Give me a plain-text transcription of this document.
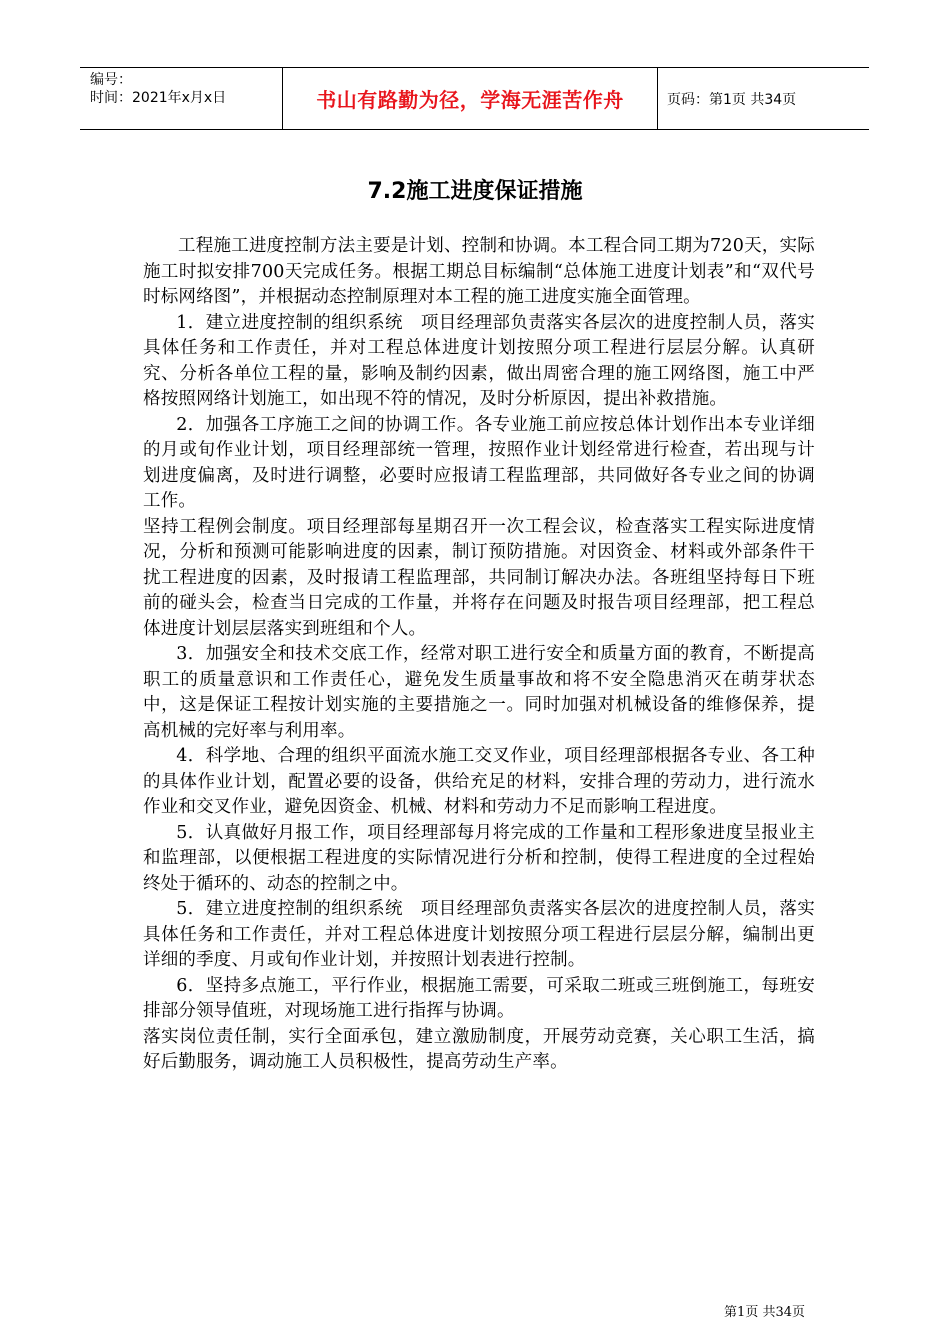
编号：
时间：2021年x月x日	书山有路勤为径，学海无涯苦作舟	页码：第1页 共34页
7.2施工进度保证措施

工程施工进度控制方法主要是计划、控制和协调。本工程合同工期为720天，实际施工时拟安排700天完成任务。根据工期总目标编制“总体施工进度计划表”和“双代号时标网络图”，并根据动态控制原理对本工程的施工进度实施全面管理。

1．建立进度控制的组织系统　项目经理部负责落实各层次的进度控制人员，落实具体任务和工作责任，并对工程总体进度计划按照分项工程进行层层分解。认真研究、分析各单位工程的量，影响及制约因素，做出周密合理的施工网络图，施工中严格按照网络计划施工，如出现不符的情况，及时分析原因，提出补救措施。

2．加强各工序施工之间的协调工作。各专业施工前应按总体计划作出本专业详细的月或旬作业计划，项目经理部统一管理，按照作业计划经常进行检查，若出现与计划进度偏离，及时进行调整，必要时应报请工程监理部，共同做好各专业之间的协调工作。

坚持工程例会制度。项目经理部每星期召开一次工程会议，检查落实工程实际进度情况，分析和预测可能影响进度的因素，制订预防措施。对因资金、材料或外部条件干扰工程进度的因素，及时报请工程监理部，共同制订解决办法。各班组坚持每日下班前的碰头会，检查当日完成的工作量，并将存在问题及时报告项目经理部，把工程总体进度计划层层落实到班组和个人。

3．加强安全和技术交底工作，经常对职工进行安全和质量方面的教育，不断提高职工的质量意识和工作责任心，避免发生质量事故和将不安全隐患消灭在萌芽状态中，这是保证工程按计划实施的主要措施之一。同时加强对机械设备的维修保养，提高机械的完好率与利用率。

4．科学地、合理的组织平面流水施工交叉作业，项目经理部根据各专业、各工种的具体作业计划，配置必要的设备，供给充足的材料，安排合理的劳动力，进行流水作业和交叉作业，避免因资金、机械、材料和劳动力不足而影响工程进度。

5．认真做好月报工作，项目经理部每月将完成的工作量和工程形象进度呈报业主和监理部，以便根据工程进度的实际情况进行分析和控制，使得工程进度的全过程始终处于循环的、动态的控制之中。

5．建立进度控制的组织系统　项目经理部负责落实各层次的进度控制人员，落实具体任务和工作责任，并对工程总体进度计划按照分项工程进行层层分解，编制出更详细的季度、月或旬作业计划，并按照计划表进行控制。

6．坚持多点施工，平行作业，根据施工需要，可采取二班或三班倒施工，每班安排部分领导值班，对现场施工进行指挥与协调。

落实岗位责任制，实行全面承包，建立激励制度，开展劳动竞赛，关心职工生活，搞好后勤服务，调动施工人员积极性，提高劳动生产率。

第1页 共34页
